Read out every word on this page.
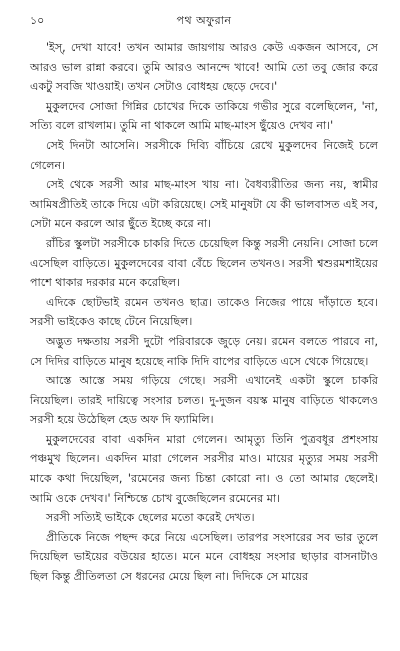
১০	পথ অফুরান

'ইস্, দেখা যাবে! তখন আমার জায়গায় আরও কেউ একজন আসবে, সে আরও ভাল রান্না করবে। তুমি আরও আনন্দে খাবে! আমি তো তবু জোর করে একটু সবজি খাওয়াই। তখন সেটাও বোধহয় ছেড়ে দেবে।'

মুকুলদেব সোজা গিন্নির চোখের দিকে তাকিয়ে গভীর সুরে বলেছিলেন, 'না, সত্যি বলে রাখলাম। তুমি না থাকলে আমি মাছ-মাংস ছুঁয়েও দেখব না।'

সেই দিনটা আসেনি। সরসীকে দিব্যি বাঁচিয়ে রেখে মুকুলদেব নিজেই চলে গেলেন।

সেই থেকে সরসী আর মাছ-মাংস খায় না। বৈধব্যরীতির জন্য নয়, স্বামীর আমিষপ্রীতিই তাকে দিয়ে এটা করিয়েছে। সেই মানুষটা যে কী ভালবাসত এই সব, সেটা মনে করলে আর ছুঁতে ইচ্ছে করে না।

রাঁচির স্কুলটা সরসীকে চাকরি দিতে চেয়েছিল কিন্তু সরসী নেয়নি। সোজা চলে এসেছিল বাড়িতে। মুকুলদেবের বাবা বেঁচে ছিলেন তখনও। সরসী শ্বশুরমশাইয়ের পাশে থাকার দরকার মনে করেছিল।

এদিকে ছোটভাই রমেন তখনও ছাত্র। তাকেও নিজের পায়ে দাঁড়াতে হবে। সরসী ভাইকেও কাছে টেনে নিয়েছিল।

অদ্ভুত দক্ষতায় সরসী দুটো পরিবারকে জুড়ে নেয়। রমেন বলতে পারবে না, সে দিদির বাড়িতে মানুষ হয়েছে নাকি দিদি বাপের বাড়িতে এসে থেকে গিয়েছে।

আস্তে আস্তে সময় গড়িয়ে গেছে। সরসী এখানেই একটা স্কুলে চাকরি নিয়েছিল। তারই দায়িত্বে সংসার চলত। দু-দুজন বয়স্ক মানুষ বাড়িতে থাকলেও সরসী হয়ে উঠেছিল হেড অফ দি ফ্যামিলি।

মুকুলদেবের বাবা একদিন মারা গেলেন। আমৃত্যু তিনি পুত্রবধূর প্রশংসায় পঞ্চমুখ ছিলেন। একদিন মারা গেলেন সরসীর মাও। মায়ের মৃত্যুর সময় সরসী মাকে কথা দিয়েছিল, 'রমেনের জন্য চিন্তা কোরো না। ও তো আমার ছেলেই। আমি ওকে দেখব।' নিশ্চিন্তে চোখ বুজেছিলেন রমেনের মা।

সরসী সত্যিই ভাইকে ছেলের মতো করেই দেখত।

প্রীতিকে নিজে পছন্দ করে নিয়ে এসেছিল। তারপর সংসারের সব ভার তুলে দিয়েছিল ভাইয়ের বউয়ের হাতে। মনে মনে বোধহয় সংসার ছাড়ার বাসনাটাও ছিল কিন্তু প্রীতিলতা সে ধরনের মেয়ে ছিল না। দিদিকে সে মায়ের
